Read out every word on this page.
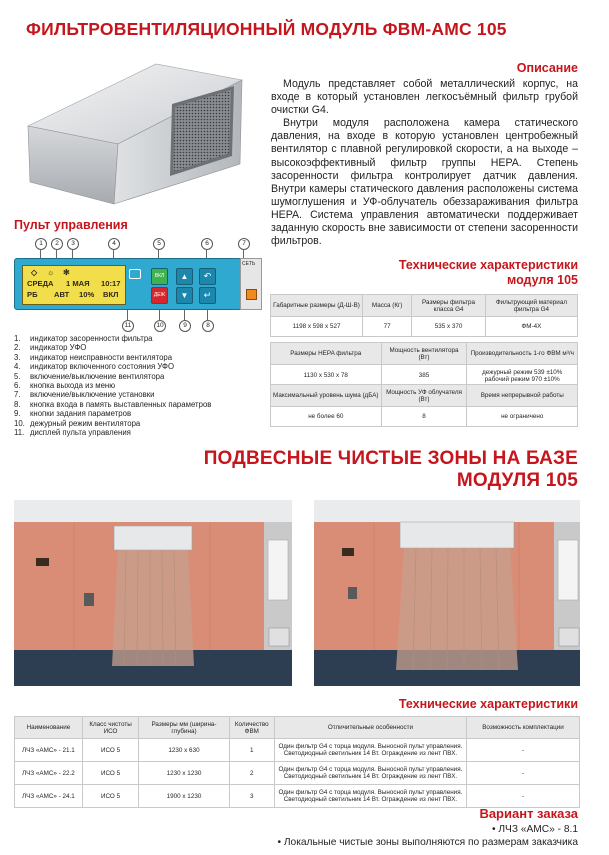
ФИЛЬТРОВЕНТИЛЯЦИОННЫЙ МОДУЛЬ ФВМ-АМС 105
Описание

Модуль представляет собой металлический корпус, на входе в который установлен легкосъёмный фильтр грубой очистки G4.

Внутри модуля расположена камера статического давления, на входе в которую установлен центробежный вентилятор с плавной регулировкой скорости, а на выходе – высокоэффективный фильтр группы HEPA. Степень засоренности фильтра контролирует датчик давления. Внутри камеры статического давления расположены система шумоглушения и УФ-облучатель обеззараживания фильтра HEPA. Система управления автоматически поддерживает заданную скорость вне зависимости от степени засоренности фильтров.

Пульт управления
1	2	3	4	5	6	7
11	10	9	8
◇ ☼ ✻
СРЕДА 1 МАЯ 10:17
РБ АВТ 10% ВКЛ
ВКЛ
ДЕЖ
▲
▼
↶
↵
СЕТЬ
1.	индикатор засоренности фильтра
2.	индикатор УФО
3.	индикатор неисправности вентилятора
4.	индикатор включенного состояния УФО
5.	включение/выключение вентилятора
6.	кнопка выхода из меню
7.	включение/выключение установки
8.	кнопка входа в память выставленных параметров
9.	кнопки задания параметров
10. дежурный режим вентилятора
11. дисплей пульта управления
Технические характеристики
модуля 105
Габаритные размеры (Д-Ш-В)	Масса (Кг)	Размеры фильтра класса G4	Фильтрующий материал фильтра G4
1198 х 598 х 527	77	535 х 370	ФМ-4Х
Размеры HEPA фильтра	Мощность вентилятора (Вт)	Производительность 1-го ФВМ м³/ч
1130 х 530 х 78	385	дежурный режим 539 ±10%
рабочий режим 970 ±10%
Максимальный уровень шума (дБА)	Мощность УФ облучателя (Вт)	Время непрерывной работы
не более 60	8	не ограничено
ПОДВЕСНЫЕ ЧИСТЫЕ ЗОНЫ НА БАЗЕ
МОДУЛЯ 105
Технические характеристики
Наименование	Класс чистоты ИСО	Размеры мм (ширина-глубина)	Количество ФВМ	Отличительные особенности	Возможность комплектации
ЛЧЗ «АМС» - 21.1	ИСО 5	1230 х 630	1	Один фильтр G4 с торца модуля. Выносной пульт управления.
Светодиодный светильник 14 Вт. Ограждение из лент ПВХ.	-
ЛЧЗ «АМС» - 22.2	ИСО 5	1230 х 1230	2	Один фильтр G4 с торца модуля. Выносной пульт управления.
Светодиодный светильник 14 Вт. Ограждение из лент ПВХ.	-
ЛЧЗ «АМС» - 24.1	ИСО 5	1900 х 1230	3	Один фильтр G4 с торца модуля. Выносной пульт управления.
Светодиодный светильник 14 Вт. Ограждение из лент ПВХ.	-
Вариант заказа
• ЛЧЗ «АМС» - 8.1
• Локальные чистые зоны выполняются по размерам заказчика
